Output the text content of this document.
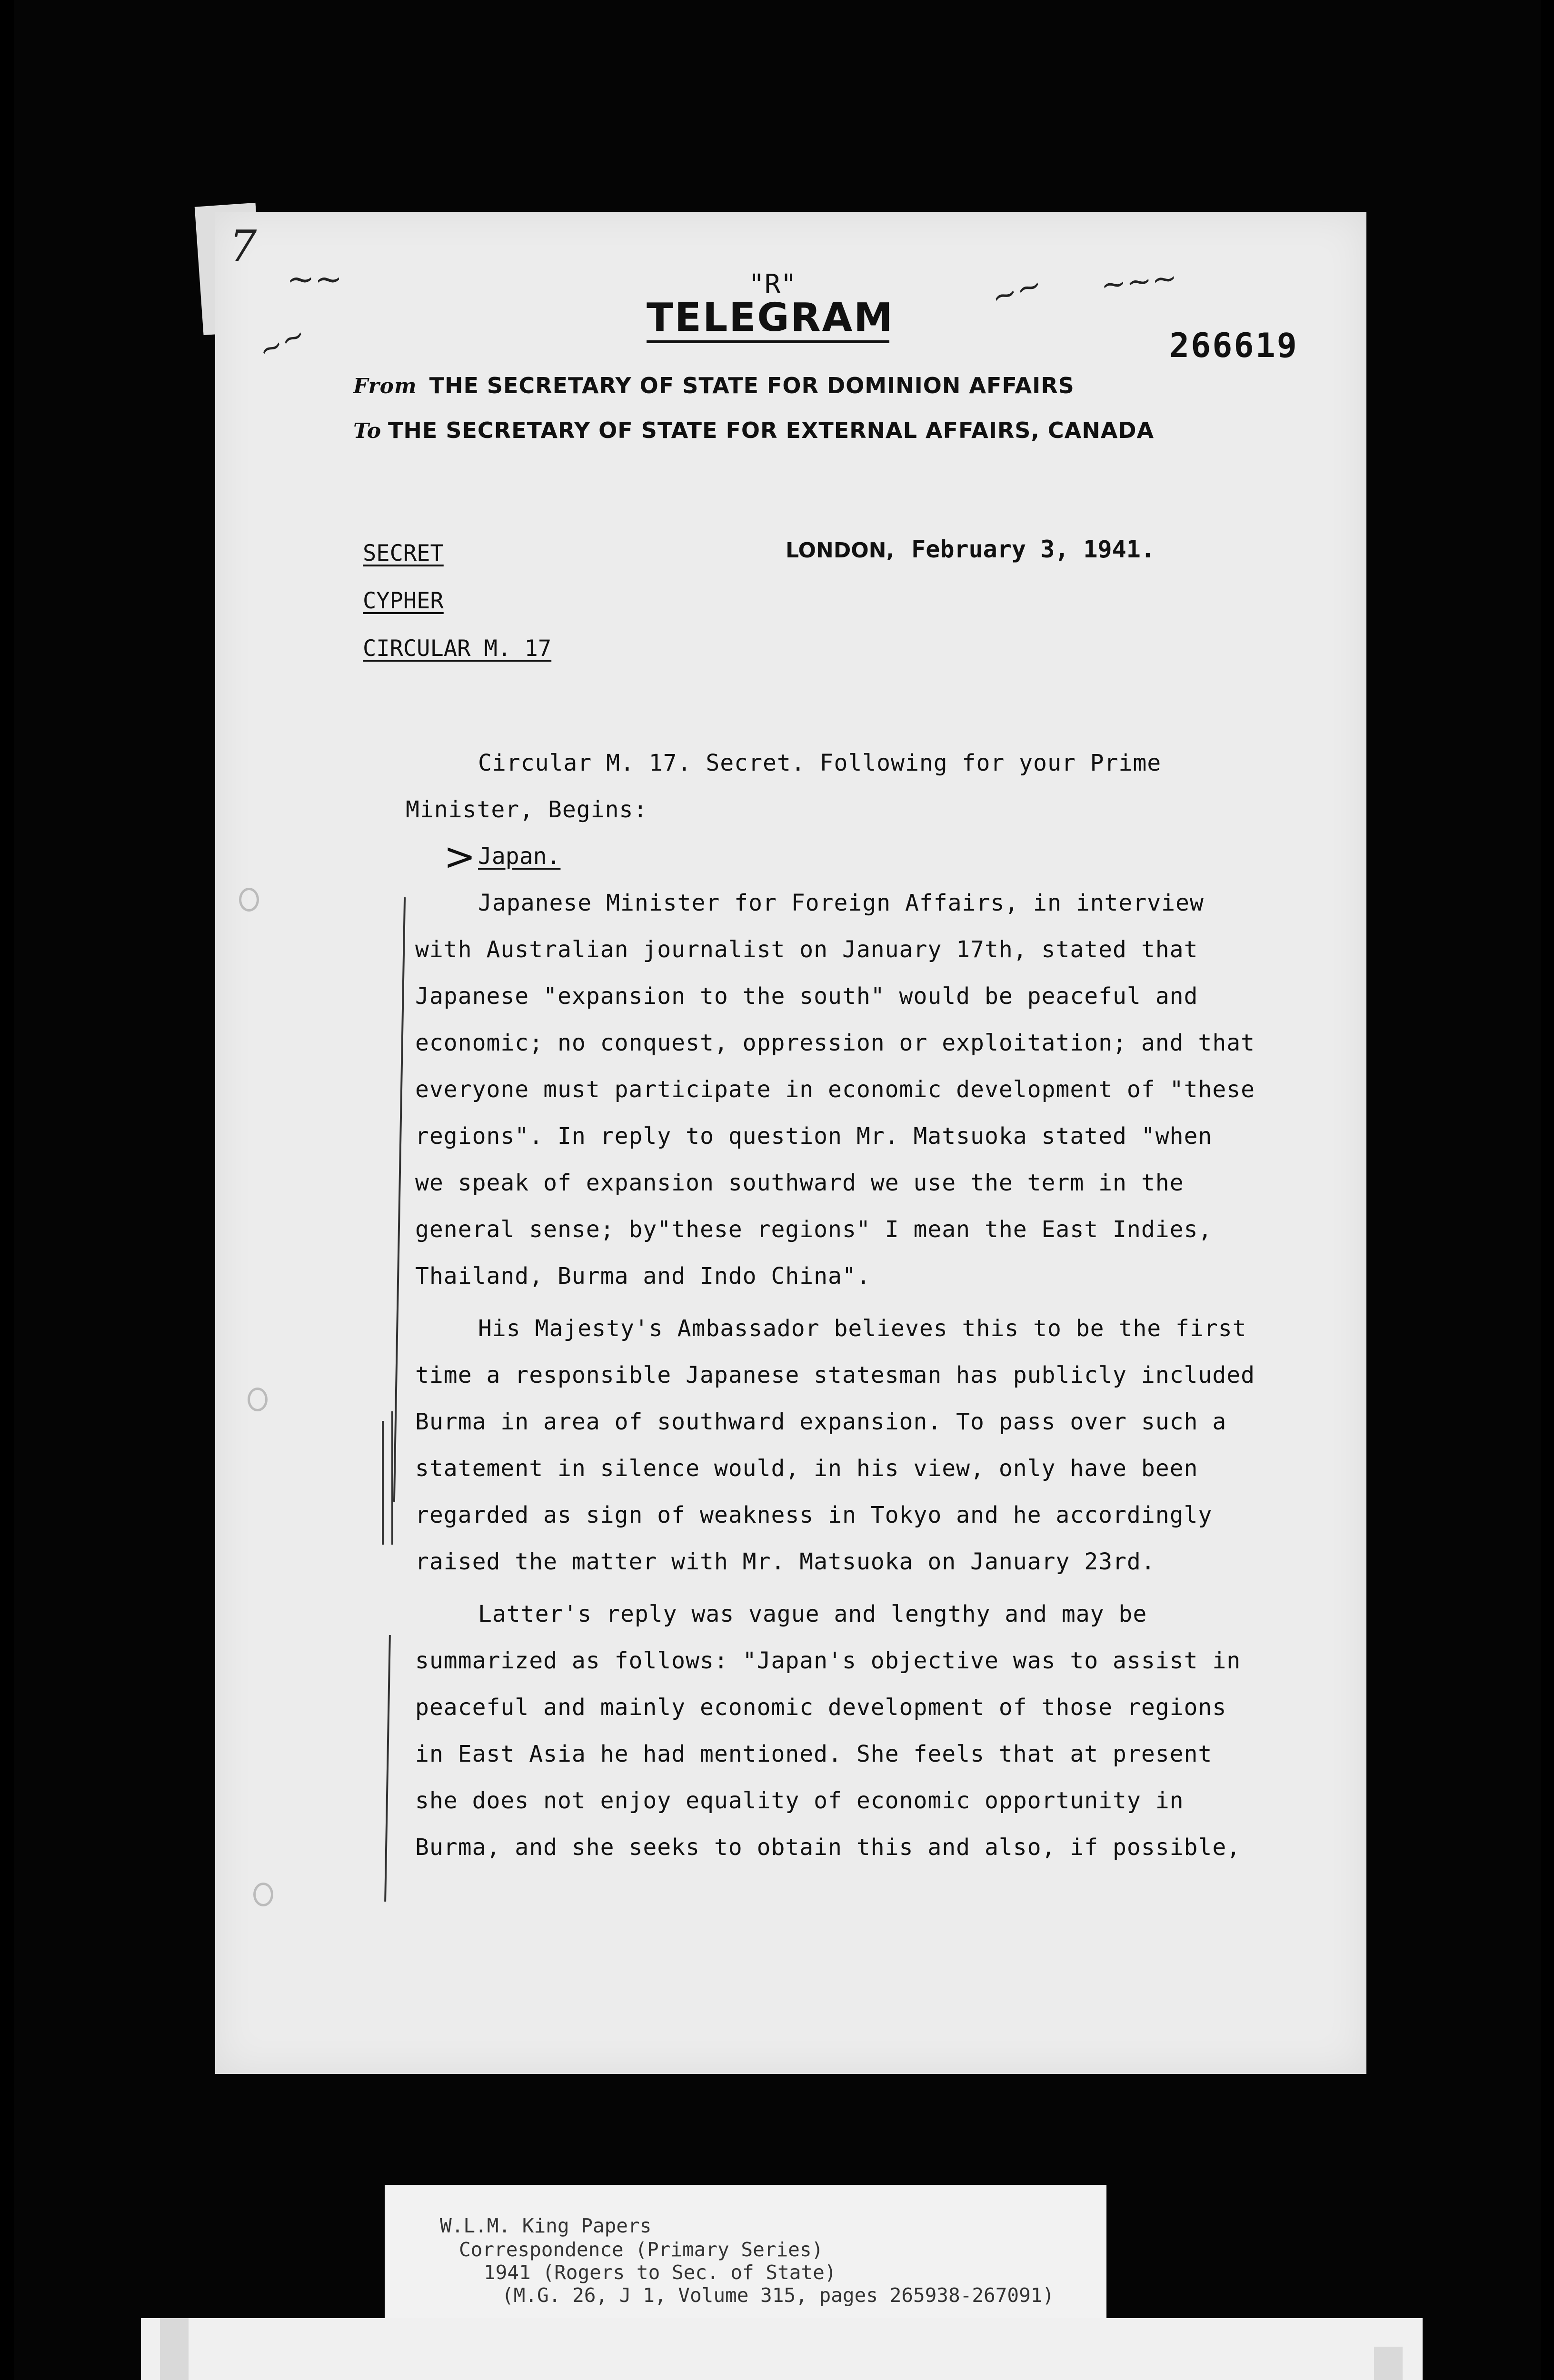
"R"
TELEGRAM
266619
From THE SECRETARY OF STATE FOR DOMINION AFFAIRS
To THE SECRETARY OF STATE FOR EXTERNAL AFFAIRS, CANADA
LONDON, February 3, 1941.
SECRET
CYPHER
CIRCULAR M. 17
Circular M. 17. Secret. Following for your Prime
Minister, Begins:
> Japan.
Japanese Minister for Foreign Affairs, in interview
with Australian journalist on January 17th, stated that
Japanese "expansion to the south" would be peaceful and
economic; no conquest, oppression or exploitation; and that
everyone must participate in economic development of "these
regions". In reply to question Mr. Matsuoka stated "when
we speak of expansion southward we use the term in the
general sense; by"these regions" I mean the East Indies,
Thailand, Burma and Indo China".
His Majesty's Ambassador believes this to be the first
time a responsible Japanese statesman has publicly included
Burma in area of southward expansion. To pass over such a
statement in silence would, in his view, only have been
regarded as sign of weakness in Tokyo and he accordingly
raised the matter with Mr. Matsuoka on January 23rd.
Latter's reply was vague and lengthy and may be
summarized as follows: "Japan's objective was to assist in
peaceful and mainly economic development of those regions
in East Asia he had mentioned. She feels that at present
she does not enjoy equality of economic opportunity in
Burma, and she seeks to obtain this and also, if possible,
7
~~
~~
~~ ~~~
W.L.M. King Papers
Correspondence (Primary Series)
1941 (Rogers to Sec. of State)
(M.G. 26, J 1, Volume 315, pages 265938-267091)
